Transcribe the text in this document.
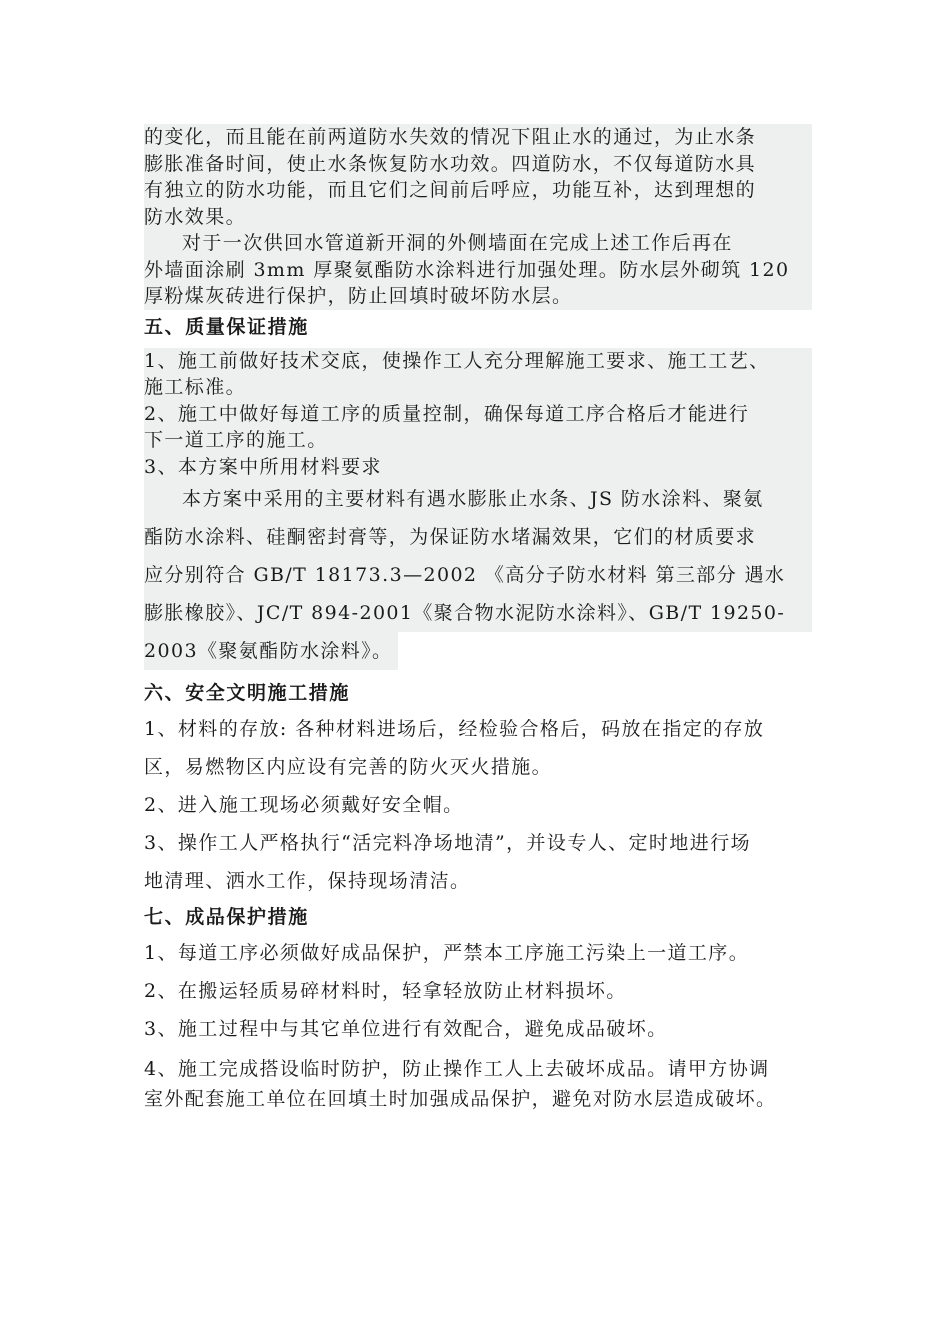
的变化，而且能在前两道防水失效的情况下阻止水的通过，为止水条

膨胀准备时间，使止水条恢复防水功效。四道防水，不仅每道防水具

有独立的防水功能，而且它们之间前后呼应，功能互补，达到理想的

防水效果。

对于一次供回水管道新开洞的外侧墙面在完成上述工作后再在

外墙面涂刷 3mm 厚聚氨酯防水涂料进行加强处理。防水层外砌筑 120

厚粉煤灰砖进行保护，防止回填时破坏防水层。

五、质量保证措施

1、施工前做好技术交底，使操作工人充分理解施工要求、施工工艺、

施工标准。

2、施工中做好每道工序的质量控制，确保每道工序合格后才能进行

下一道工序的施工。

3、本方案中所用材料要求

本方案中采用的主要材料有遇水膨胀止水条、JS 防水涂料、聚氨

酯防水涂料、硅酮密封膏等，为保证防水堵漏效果，它们的材质要求

应分别符合 GB/T 18173.3—2002 《高分子防水材料 第三部分 遇水

膨胀橡胶》、JC/T 894-2001《聚合物水泥防水涂料》、GB/T 19250-

2003《聚氨酯防水涂料》。

六、安全文明施工措施

1、材料的存放: 各种材料进场后，经检验合格后，码放在指定的存放

区，易燃物区内应设有完善的防火灭火措施。

2、进入施工现场必须戴好安全帽。

3、操作工人严格执行“活完料净场地清”，并设专人、定时地进行场

地清理、洒水工作，保持现场清洁。

七、成品保护措施

1、每道工序必须做好成品保护，严禁本工序施工污染上一道工序。

2、在搬运轻质易碎材料时，轻拿轻放防止材料损坏。

3、施工过程中与其它单位进行有效配合，避免成品破坏。

4、施工完成搭设临时防护，防止操作工人上去破坏成品。请甲方协调

室外配套施工单位在回填土时加强成品保护，避免对防水层造成破坏。
